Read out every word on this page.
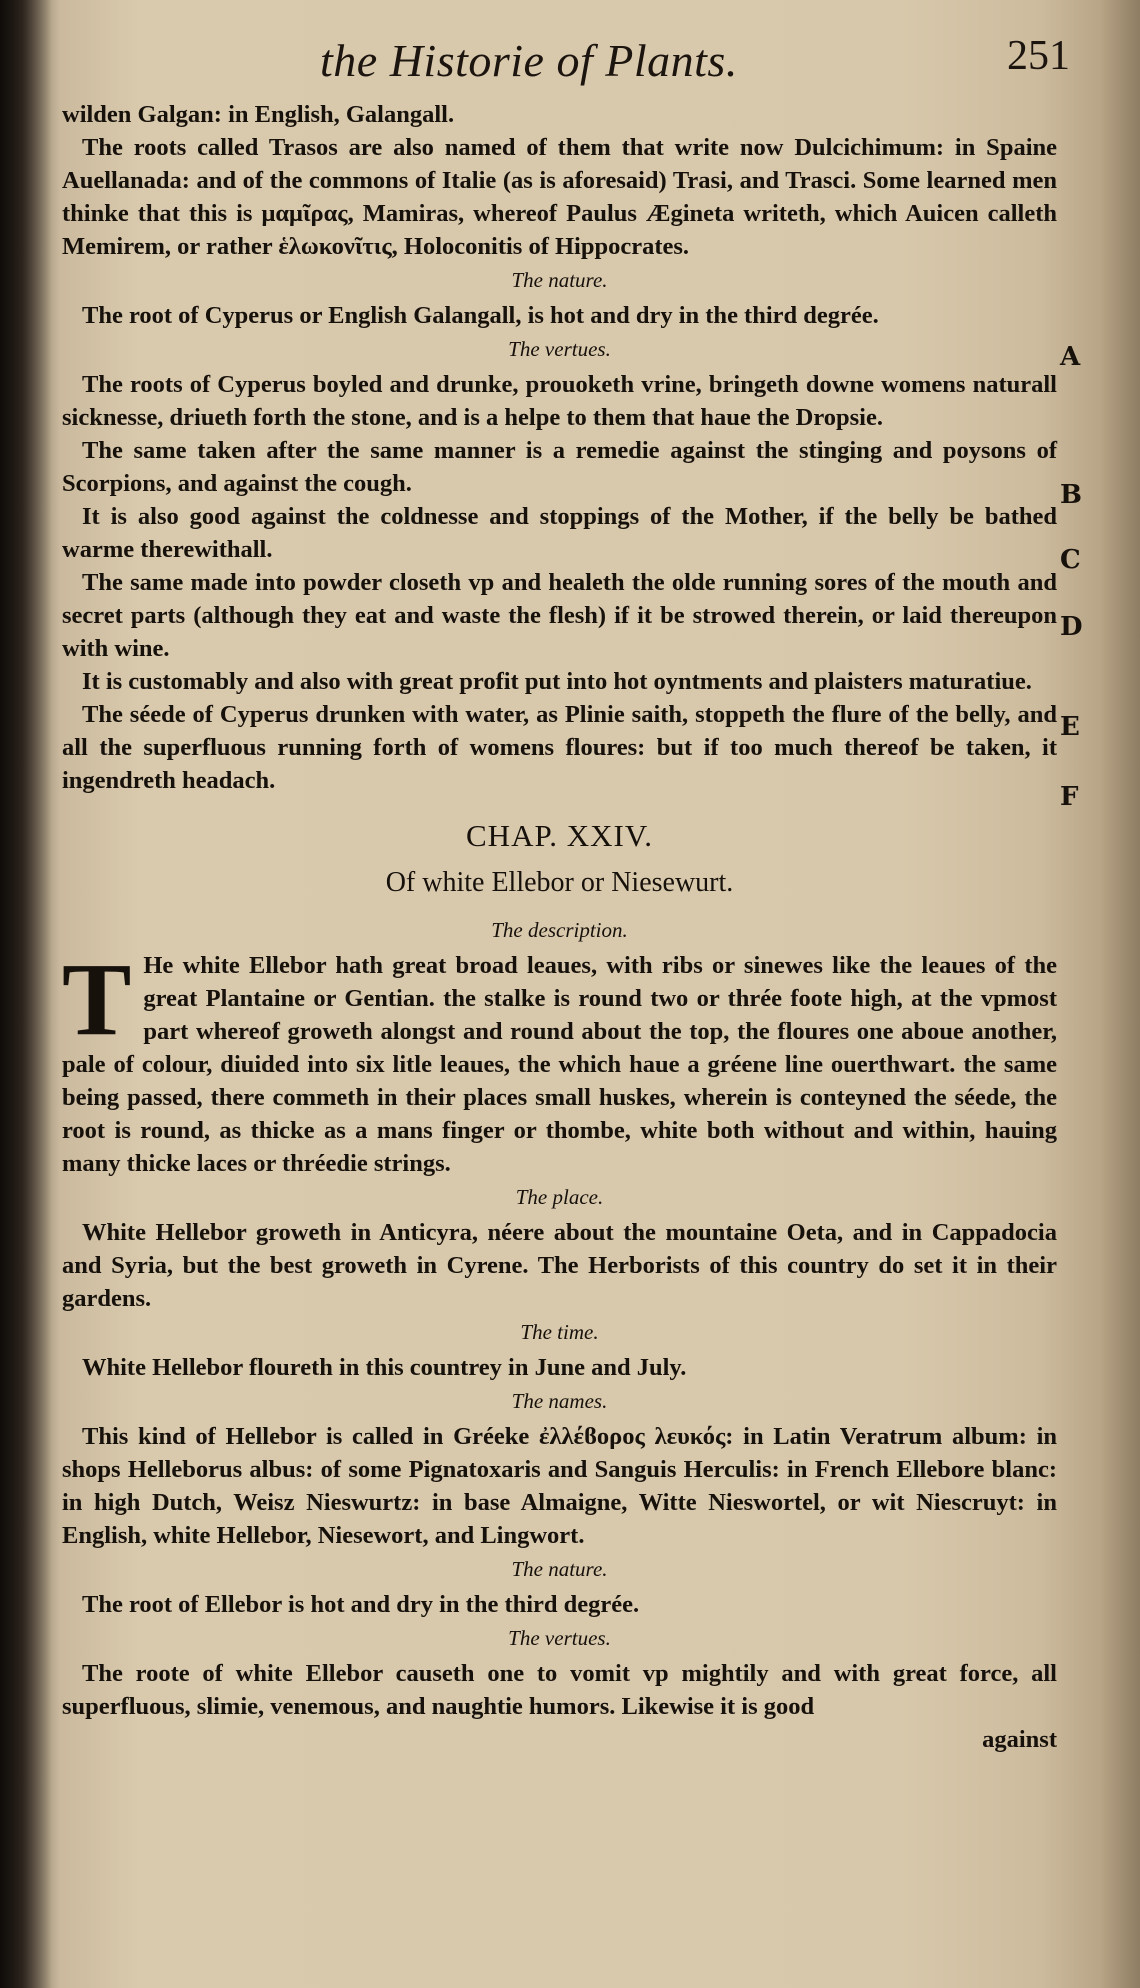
the Historie of Plants.	251
A
B
C
D
E
F

wilden Galgan: in English, Galangall.

The roots called Trasos are also named of them that write now Dulcichimum: in Spaine Auellanada: and of the commons of Italie (as is aforesaid) Trasi, and Trasci. Some learned men thinke that this is μαμῖρας, Mamiras, whereof Paulus Ægineta writeth, which Auicen calleth Memirem, or rather ἑλωκονῖτις, Holoconitis of Hippocrates.

The nature.

The root of Cyperus or English Galangall, is hot and dry in the third degrée.

The vertues.

The roots of Cyperus boyled and drunke, prouoketh vrine, bringeth downe womens naturall sicknesse, driueth forth the stone, and is a helpe to them that haue the Dropsie.

The same taken after the same manner is a remedie against the stinging and poysons of Scorpions, and against the cough.

It is also good against the coldnesse and stoppings of the Mother, if the belly be bathed warme therewithall.

The same made into powder closeth vp and healeth the olde running sores of the mouth and secret parts (although they eat and waste the flesh) if it be strowed therein, or laid thereupon with wine.

It is customably and also with great profit put into hot oyntments and plaisters maturatiue.

The séede of Cyperus drunken with water, as Plinie saith, stoppeth the flure of the belly, and all the superfluous running forth of womens floures: but if too much thereof be taken, it ingendreth headach.

CHAP. XXIV.
Of white Ellebor or Niesewurt.
The description.

T He white Ellebor hath great broad leaues, with ribs or sinewes like the leaues of the great Plantaine or Gentian. the stalke is round two or thrée foote high, at the vpmost part whereof groweth alongst and round about the top, the floures one aboue another, pale of colour, diuided into six litle leaues, the which haue a gréene line ouerthwart. the same being passed, there commeth in their places small huskes, wherein is conteyned the séede, the root is round, as thicke as a mans finger or thombe, white both without and within, hauing many thicke laces or thréedie strings.

The place.

White Hellebor groweth in Anticyra, néere about the mountaine Oeta, and in Cappadocia and Syria, but the best groweth in Cyrene. The Herborists of this country do set it in their gardens.

The time.

White Hellebor floureth in this countrey in June and July.

The names.

This kind of Hellebor is called in Gréeke ἐλλέϐορος λευκός: in Latin Veratrum album: in shops Helleborus albus: of some Pignatoxaris and Sanguis Herculis: in French Ellebore blanc: in high Dutch, Weisz Nieswurtz: in base Almaigne, Witte Nieswortel, or wit Niescruyt: in English, white Hellebor, Niesewort, and Lingwort.

The nature.

The root of Ellebor is hot and dry in the third degrée.

The vertues.

The roote of white Ellebor causeth one to vomit vp mightily and with great force, all superfluous, slimie, venemous, and naughtie humors. Likewise it is good

against
